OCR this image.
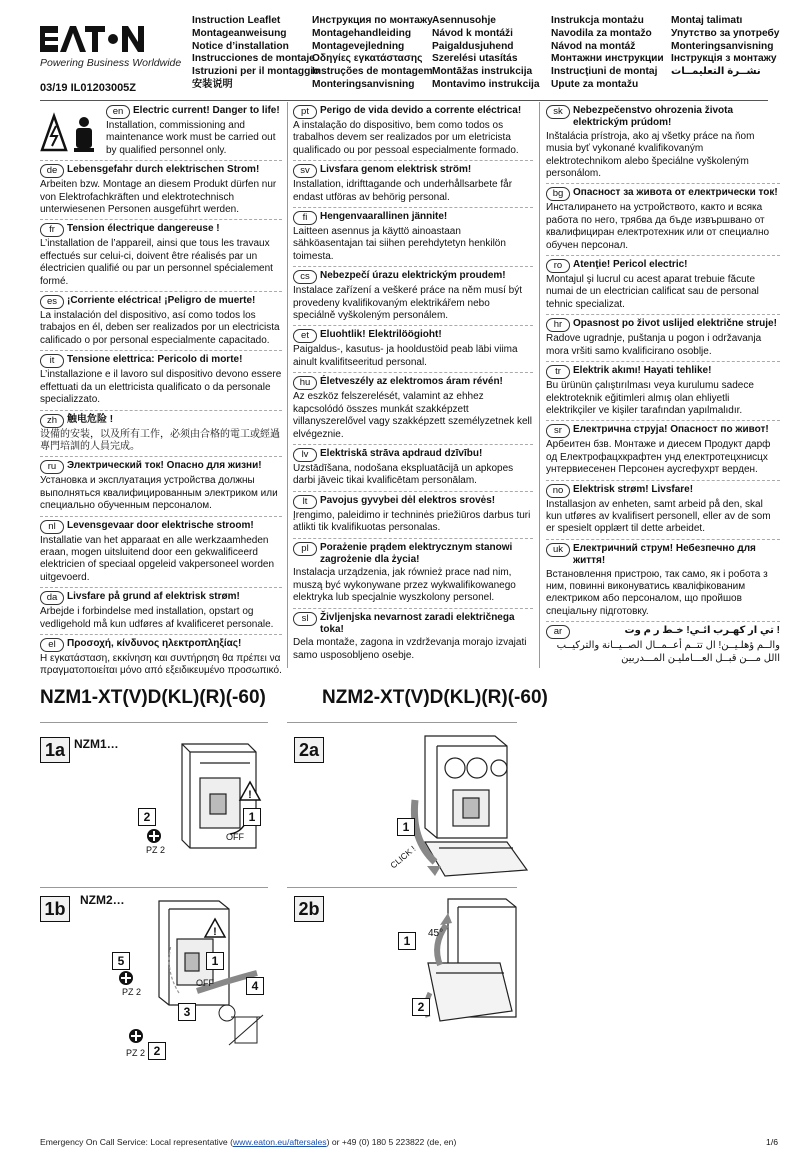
Powering Business Worldwide
03/19 IL01203005Z
Instruction Leaflet
Montageanweisung
Notice d’installation
Instrucciones de montaje
Istruzioni per il montaggio
安装说明
Инструкция по монтажу
Montagehandleiding
Montagevejledning
Οδηγίες εγκατάστασης
Instruções de montagem
Monteringsanvisning
Asennusohje
Návod k montáži
Paigaldusjuhend
Szerelési utasítás
Montāžas instrukcija
Montavimo instrukcija
Instrukcja montażu
Navodila za montažo
Návod na montáž
Монтажни инструкции
Instrucţiuni de montaj
Upute za montažu
Montaj talimatı
Упутство за употребу
Monteringsanvisning
Інструкція з монтажу
نشــرة التعليمــات
en Electric current! Danger to life!
Installation, commissioning and maintenance work must be carried out by qualified personnel only.
de Lebensgefahr durch elektrischen Strom!
Arbeiten bzw. Montage an diesem Produkt dürfen nur von Elektrofachkräften und elektrotechnisch unterwiesenen Personen ausgeführt werden.
fr	Tension électrique dangereuse !
L’installation de l’appareil, ainsi que tous les travaux effectués sur celui-ci, doivent être réalisés par un électricien qualifié ou par un personnel spécialement formé.
es ¡Corriente eléctrica! ¡Peligro de muerte!
La instalación del dispositivo, así como todos los trabajos en él, deben ser realizados por un electricista calificado o por personal especialmente capacitado.
it	Tensione elettrica: Pericolo di morte!
L’installazione e il lavoro sul dispositivo devono essere effettuati da un elettricista qualificato o da personale specializzato.
zh 触电危险 !
设備的安装，以及所有工作，必须由合格的電工或經過專門培訓的人員完成。
ru	Электрический ток! Опасно для жизни!
Установка и эксплуатация устройства должны выполняться квалифицированным электриком или специально обученным персоналом.
nl	Levensgevaar door elektrische stroom!
Installatie van het apparaat en alle werkzaamheden eraan, mogen uitsluitend door een gekwalificeerd elektricien of speciaal opgeleid vakpersoneel worden uitgevoerd.
da Livsfare på grund af elektrisk strøm!
Arbejde i forbindelse med installation, opstart og vedligehold må kun udføres af kvalificeret personale.
el	Προσοχή, κίνδυνος ηλεκτροπληξίας!
Η εγκατάσταση, εκκίνηση και συντήρηση θα πρέπει να πραγματοποιείται μόνο από εξειδικευμένο προσωπικό.
pt	Perigo de vida devido a corrente eléctrica!
A instalação do dispositivo, bem como todos os trabalhos devem ser realizados por um eletricista qualificado ou por pessoal especialmente formado.
sv	Livsfara genom elektrisk ström!
Installation, idrifttagande och underhållsarbete får endast utföras av behörig personal.
fi	Hengenvaarallinen jännite!
Laitteen asennus ja käyttö ainoastaan sähköasentajan tai siihen perehdytetyn henkilön toimesta.
cs	Nebezpečí úrazu elektrickým proudem!
Instalace zařízení a veškeré práce na něm musí být provedeny kvalifikovaným elektrikářem nebo speciálně vyškoleným personálem.
et	Eluohtlik! Elektrilöögioht!
Paigaldus-, kasutus- ja hooldustöid peab läbi viima ainult kvalifitseeritud personal.
hu Életveszély az elektromos áram révén!
Az eszköz felszerelését, valamint az ehhez kapcsolódó összes munkát szakképzett villanyszerelővel vagy szakképzett személyzetnek kell elvégeznie.
lv	Elektriskā strāva apdraud dzīvību!
Uzstādīšana, nodošana ekspluatācijā un apkopes darbi jāveic tikai kvalificētam personālam.
lt	Pavojus gyvybei dėl elektros srovės!
Įrengimo, paleidimo ir techninės priežiūros darbus turi atlikti tik kvalifikuotas personalas.
pl	Porażenie prądem elektrycznym stanowi zagrożenie dla życia!
Instalacja urządzenia, jak również prace nad nim, muszą być wykonywane przez wykwalifikowanego elektryka lub specjalnie wyszkolony personel.
sl	Življenjska nevarnost zaradi električnega toka!
Dela montaže, zagona in vzdrževanja morajo izvajati samo usposobljeno osebje.
sk	Nebezpečenstvo ohrozenia života elektrickým prúdom!
Inštalácia prístroja, ako aj všetky práce na ňom musia byť vykonané kvalifikovaným elektrotechnikom alebo špeciálne vyškoleným personálom.
bg Опасност за живота от електрически ток!
Инсталирането на устройството, както и всяка работа по него, трябва да бъде извършвано от квалифициран електротехник или от специално обучен персонал.
ro	Atenţie! Pericol electric!
Montajul şi lucrul cu acest aparat trebuie făcute numai de un electrician calificat sau de personal tehnic specializat.
hr	Opasnost po život uslijed električne struje!
Radove ugradnje, puštanja u pogon i održavanja mora vršiti samo kvalificirano osoblje.
tr	Elektrik akımı! Hayati tehlike!
Bu ürünün çalıştırılması veya kurulumu sadece elektroteknik eğitimleri almış olan ehliyetli elektrikçiler ve kişiler tarafından yapılmalıdır.
sr	Електрична струја! Опасност по живот!
Арбеитен бзв. Монтаже и диесем Продукт дарф од Електрофацхкрафтен унд електротецхнисцх унтервиесенен Персонен аусгефухрт верден.
no Elektrisk strøm! Livsfare!
Installasjon av enheten, samt arbeid på den, skal kun utføres av kvalifisert personell, eller av de som er spesielt opplært til dette arbeidet.
uk Електричний струм! Небезпечно для життя!
Встановлення пристрою, так само, як і робота з ним, повинні виконуватись кваліфікованим електриком або персоналом, що пройшов спеціальну підготовку.
ar	! تي ار كهـرب ائـي! خـط ر م وت
والــم ؤهلـيــن! ال تتــم أعــمــال الصــيــانة والتركيــب االل مـــن قبــل العـــامليـن المـــدربين
NZM1-XT(V)D(KL)(R)(-60)	NZM2-XT(V)D(KL)(R)(-60)
1a NZM1…
!
2	1
PZ 2
OFF
2a
1
CLICK !
1b	NZM2…
!
5	1
4
3
2
PZ 2
PZ 2
OFF
2b
1
2
45°
Emergency On Call Service: Local representative (www.eaton.eu/aftersales) or +49 (0) 180 5 223822 (de, en)	1/6
